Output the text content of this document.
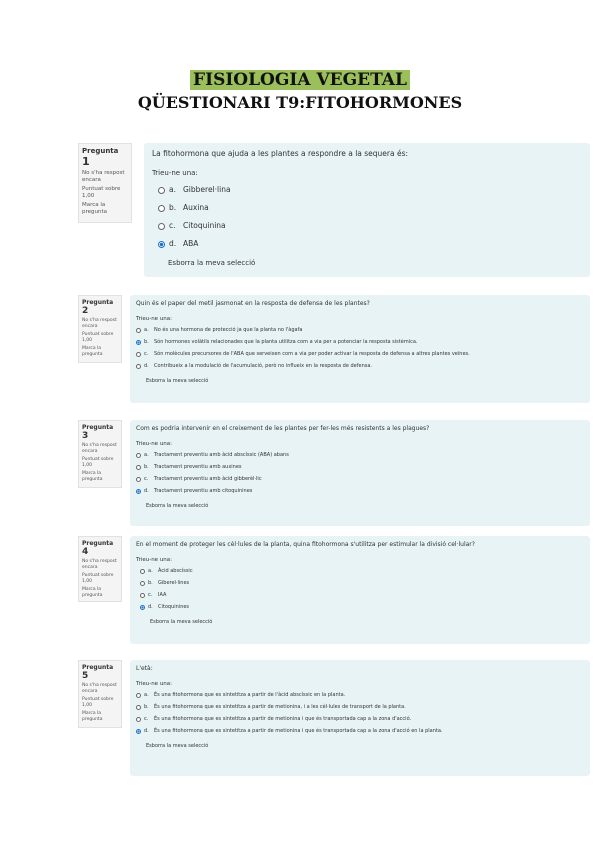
FISIOLOGIA VEGETAL
QÜESTIONARI T9:FITOHORMONES
Pregunta 1
No s'ha respost encara
Puntuat sobre 1,00
Marca la pregunta
La fitohormona que ajuda a les plantes a respondre a la sequera és:
Trieu-ne una:
a. Gibberel·lina
b. Auxina
c. Citoquinina
d. ABA
Esborra la meva selecció
Pregunta 2
No s'ha respost encara
Puntuat sobre 1,00
Marca la pregunta
Quin és el paper del metil jasmonat en la resposta de defensa de les plantes?
Trieu-ne una:
a.	No és una hormona de protecció ja que la planta no l'àgafa
b.	Són hormones volàtils relacionades que la planta utilitza com a via per a potenciar la resposta sistèmica.
c.	Són molècules precursores de l'ABA que serveixen com a via per poder activar la resposta de defensa a altres plantes veïnes.
d.	Contribueix a la modulació de l'acumulació, però no influeix en la resposta de defensa.
Esborra la meva selecció
Pregunta 3
No s'ha respost encara
Puntuat sobre 1,00
Marca la pregunta
Com es podria intervenir en el creixement de les plantes per fer-les més resistents a les plagues?
Trieu-ne una:
a.	Tractament preventiu amb àcid abscíssic (ABA) abans
b.	Tractament preventiu amb auxines
c.	Tractament preventiu amb àcid gibberèl·lic
d.	Tractament preventiu amb citoquinines
Esborra la meva selecció
Pregunta 4
No s'ha respost encara
Puntuat sobre 1,00
Marca la pregunta
En el moment de proteger les cèl·lules de la planta, quina fitohormona s'utilitza per estimular la divisió cel·lular?
Trieu-ne una:
a.	Àcid abscíssic
b.	Giberel·lines
c.	IAA
d.	Citoquinines
Esborra la meva selecció
Pregunta 5
No s'ha respost encara
Puntuat sobre 1,00
Marca la pregunta
L'età:
Trieu-ne una:
a.	És una fitohormona que es sintetitza a partir de l'àcid abscíssic en la planta.
b.	És una fitohormona que es sintetitza a partir de metionina, i a les cèl·lules de transport de la planta.
c.	És una fitohormona que es sintetitza a partir de metionina i que és transportada cap a la zona d'acció.
d.	És una fitohormona que es sintetitza a partir de metionina i que és transportada cap a la zona d'acció en la planta.
Esborra la meva selecció
